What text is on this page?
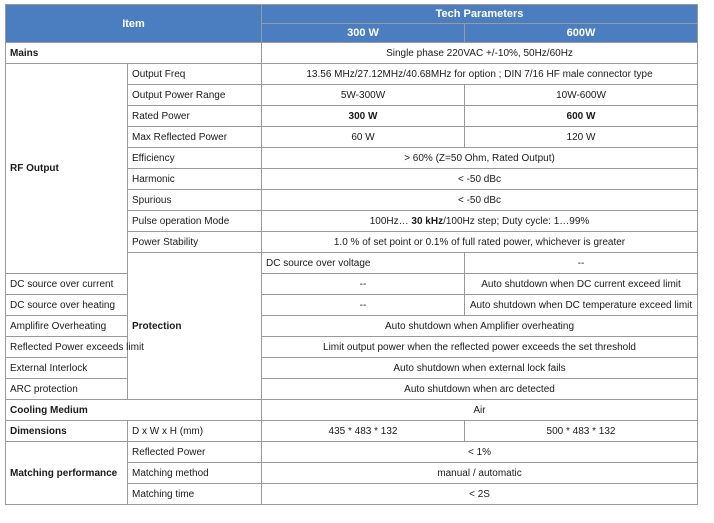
Item		Tech Parameters		
		300 W	600W	
Mains		Single phase 220VAC +/-10%, 50Hz/60Hz		
RF Output	Output Freq	13.56 MHz/27.12MHz/40.68MHz for option ; DIN 7/16 HF male connector type		
	Output Power Range	5W-300W	10W-600W	
	Rated Power	300 W	600 W	
	Max Reflected Power	60 W	120 W	
	Efficiency	> 60% (Z=50 Ohm, Rated Output)		
	Harmonic	< -50 dBc		
	Spurious	< -50 dBc		
	Pulse operation Mode	100Hz… 30 kHz/100Hz step; Duty cycle: 1…99%		
	Power Stability	1.0 % of set point or 0.1% of full rated power, whichever is greater		
	Protection	DC source over voltage	--	
DC source over current		--	Auto shutdown when DC current exceed limit	
DC source over heating		--	Auto shutdown when DC temperature exceed limit	
Amplifire Overheating		Auto shutdown when Amplifier overheating		
Reflected Power exceeds limit		Limit output power when the reflected power exceeds the set threshold		
External Interlock		Auto shutdown when external lock fails		
ARC protection		Auto shutdown when arc detected		
Cooling Medium		Air		
Dimensions	D x W x H (mm)	435 * 483 * 132	500 * 483 * 132	
Matching performance	Reflected Power	< 1%		
	Matching method	manual / automatic		
	Matching time	< 2S		
